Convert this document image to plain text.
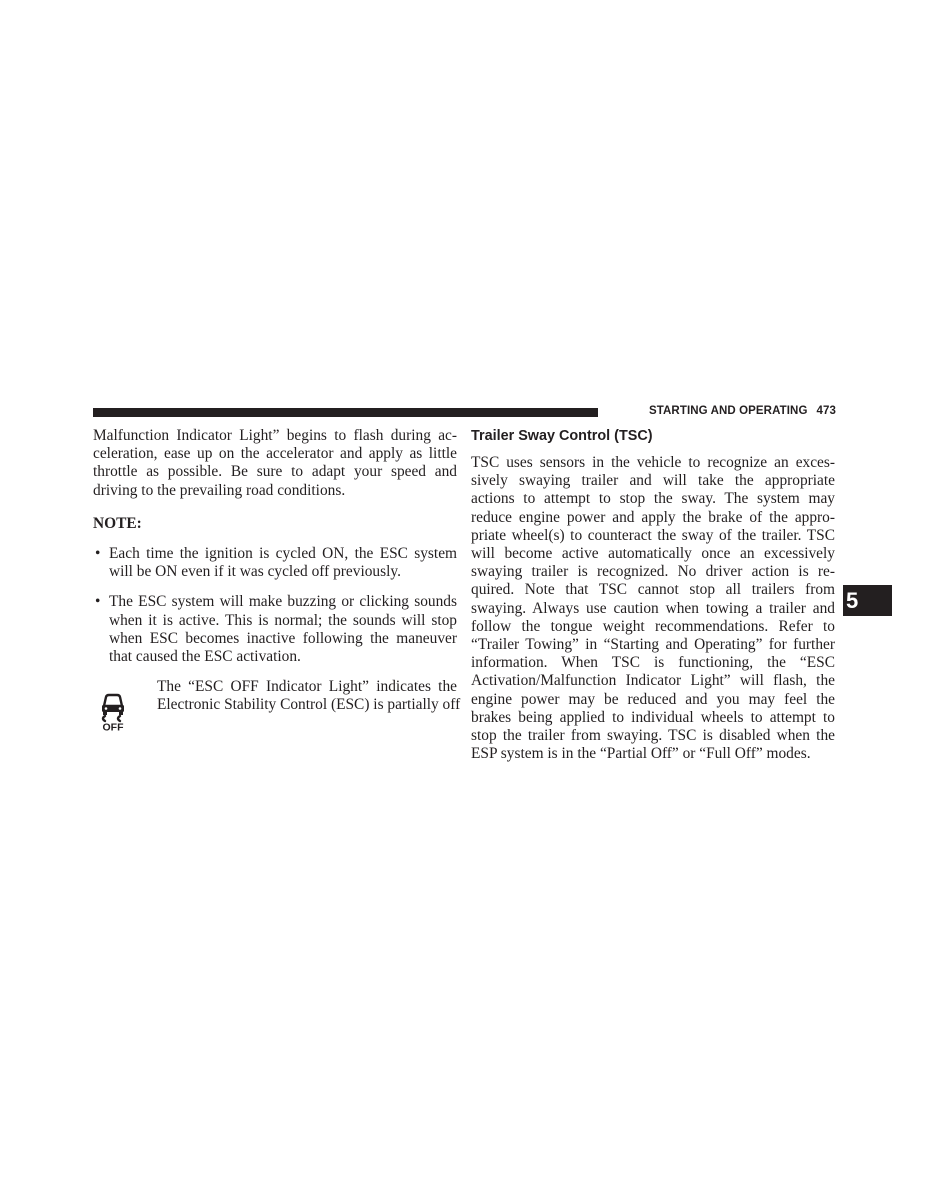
STARTING AND OPERATING 473
5
Malfunction Indicator Light” begins to flash during ac-
celeration, ease up on the accelerator and apply as little
throttle as possible. Be sure to adapt your speed and
driving to the prevailing road conditions.
NOTE:
• Each time the ignition is cycled ON, the ESC system
will be ON even if it was cycled off previously.
• The ESC system will make buzzing or clicking sounds
when it is active. This is normal; the sounds will stop
when ESC becomes inactive following the maneuver
that caused the ESC activation.
OFF
The “ESC OFF Indicator Light” indicates the
Electronic Stability Control (ESC) is partially off
Trailer Sway Control (TSC)
TSC uses sensors in the vehicle to recognize an exces-
sively swaying trailer and will take the appropriate
actions to attempt to stop the sway. The system may
reduce engine power and apply the brake of the appro-
priate wheel(s) to counteract the sway of the trailer. TSC
will become active automatically once an excessively
swaying trailer is recognized. No driver action is re-
quired. Note that TSC cannot stop all trailers from
swaying. Always use caution when towing a trailer and
follow the tongue weight recommendations. Refer to
“Trailer Towing” in “Starting and Operating” for further
information. When TSC is functioning, the “ESC
Activation/Malfunction Indicator Light” will flash, the
engine power may be reduced and you may feel the
brakes being applied to individual wheels to attempt to
stop the trailer from swaying. TSC is disabled when the
ESP system is in the “Partial Off” or “Full Off” modes.
